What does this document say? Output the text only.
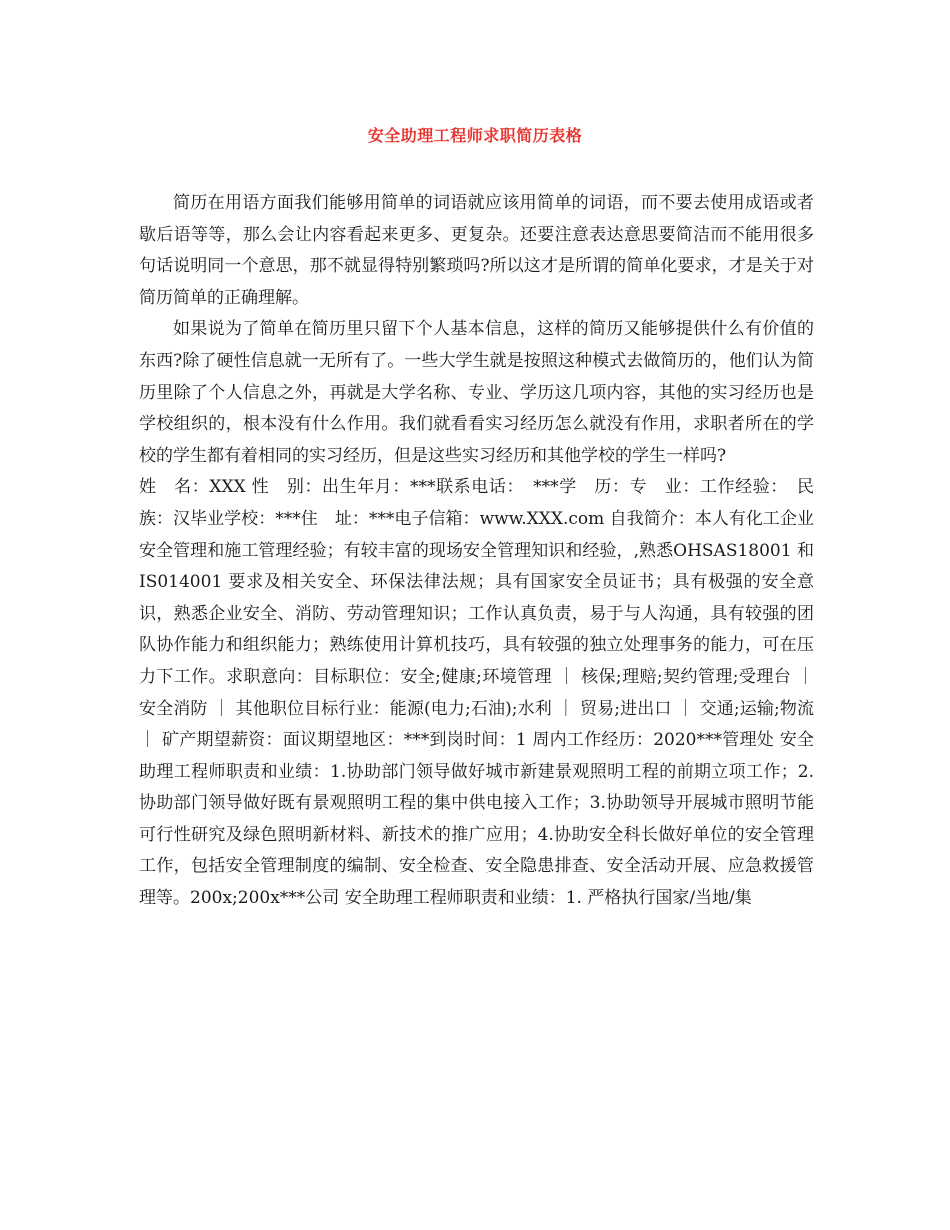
安全助理工程师求职简历表格

简历在用语方面我们能够用简单的词语就应该用简单的词语，而不要去使用成语或者歇后语等等，那么会让内容看起来更多、更复杂。还要注意表达意思要简洁而不能用很多句话说明同一个意思，那不就显得特别繁琐吗?所以这才是所谓的简单化要求，才是关于对简历简单的正确理解。

如果说为了简单在简历里只留下个人基本信息，这样的简历又能够提供什么有价值的东西?除了硬性信息就一无所有了。一些大学生就是按照这种模式去做简历的，他们认为简历里除了个人信息之外，再就是大学名称、专业、学历这几项内容，其他的实习经历也是学校组织的，根本没有什么作用。我们就看看实习经历怎么就没有作用，求职者所在的学校的学生都有着相同的实习经历，但是这些实习经历和其他学校的学生一样吗?

姓　名：XXX 性　别：出生年月：***联系电话：　***学　历：专　业：工作经验：　民族：汉毕业学校：***住　址：***电子信箱：www.XXX.com 自我简介：本人有化工企业安全管理和施工管理经验；有较丰富的现场安全管理知识和经验，,熟悉OHSAS18001 和 IS014001 要求及相关安全、环保法律法规；具有国家安全员证书；具有极强的安全意识，熟悉企业安全、消防、劳动管理知识；工作认真负责，易于与人沟通，具有较强的团队协作能力和组织能力；熟练使用计算机技巧，具有较强的独立处理事务的能力，可在压力下工作。求职意向：目标职位：安全;健康;环境管理 ｜ 核保;理赔;契约管理;受理台 ｜ 安全消防 ｜ 其他职位目标行业：能源(电力;石油);水利 ｜ 贸易;进出口 ｜ 交通;运输;物流 ｜ 矿产期望薪资：面议期望地区：***到岗时间：1 周内工作经历：2020***管理处 安全助理工程师职责和业绩：1.协助部门领导做好城市新建景观照明工程的前期立项工作；2.协助部门领导做好既有景观照明工程的集中供电接入工作；3.协助领导开展城市照明节能可行性研究及绿色照明新材料、新技术的推广应用；4.协助安全科长做好单位的安全管理工作，包括安全管理制度的编制、安全检查、安全隐患排查、安全活动开展、应急救援管理等。200x;200x***公司 安全助理工程师职责和业绩：1. 严格执行国家/当地/集
